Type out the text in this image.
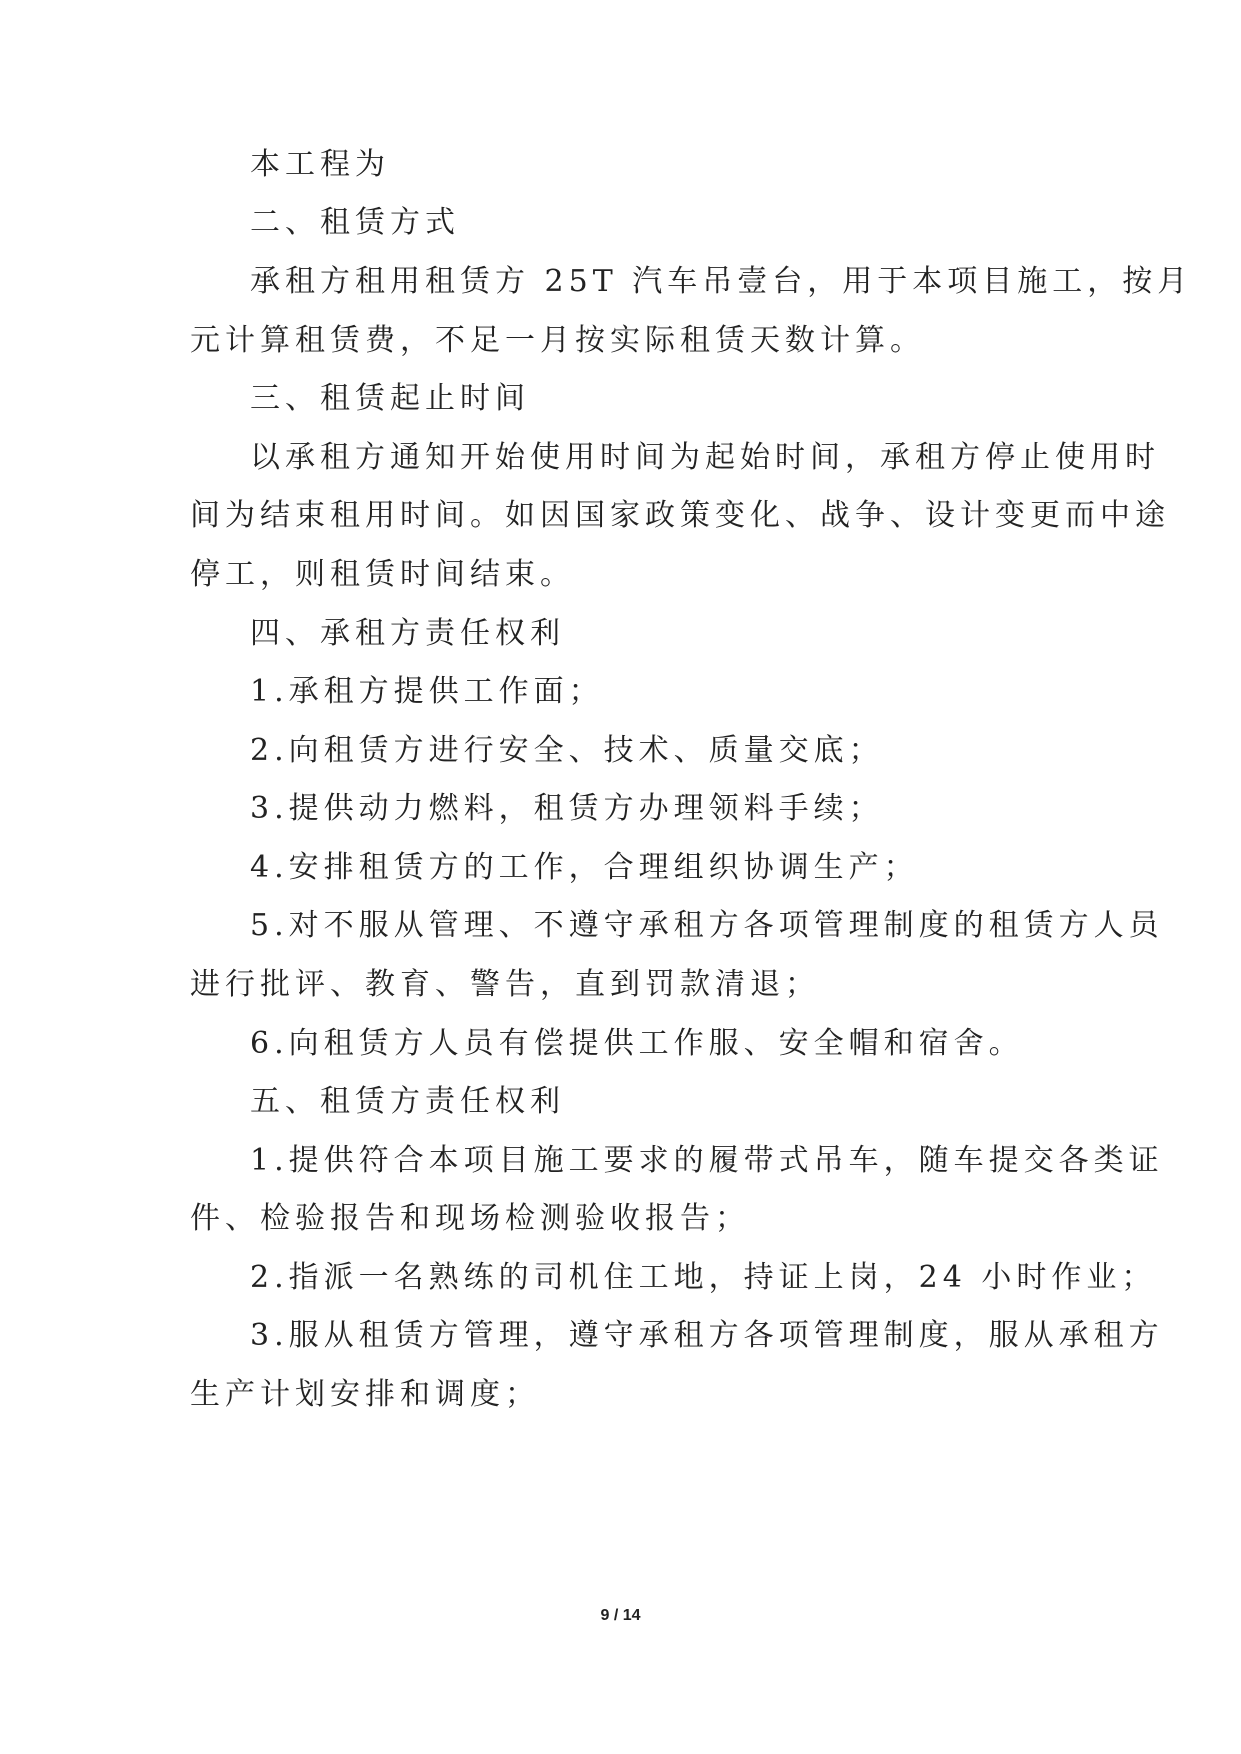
本工程为
二、租赁方式
承租方租用租赁方 25T 汽车吊壹台，用于本项目施工，按月
元计算租赁费，不足一月按实际租赁天数计算。
三、租赁起止时间
以承租方通知开始使用时间为起始时间，承租方停止使用时
间为结束租用时间。如因国家政策变化、战争、设计变更而中途
停工，则租赁时间结束。
四、承租方责任权利
1.承租方提供工作面；
2.向租赁方进行安全、技术、质量交底；
3.提供动力燃料，租赁方办理领料手续；
4.安排租赁方的工作，合理组织协调生产；
5.对不服从管理、不遵守承租方各项管理制度的租赁方人员
进行批评、教育、警告，直到罚款清退；
6.向租赁方人员有偿提供工作服、安全帽和宿舍。
五、租赁方责任权利
1.提供符合本项目施工要求的履带式吊车，随车提交各类证
件、检验报告和现场检测验收报告；
2.指派一名熟练的司机住工地，持证上岗，24 小时作业；
3.服从租赁方管理，遵守承租方各项管理制度，服从承租方
生产计划安排和调度；
9 / 14
